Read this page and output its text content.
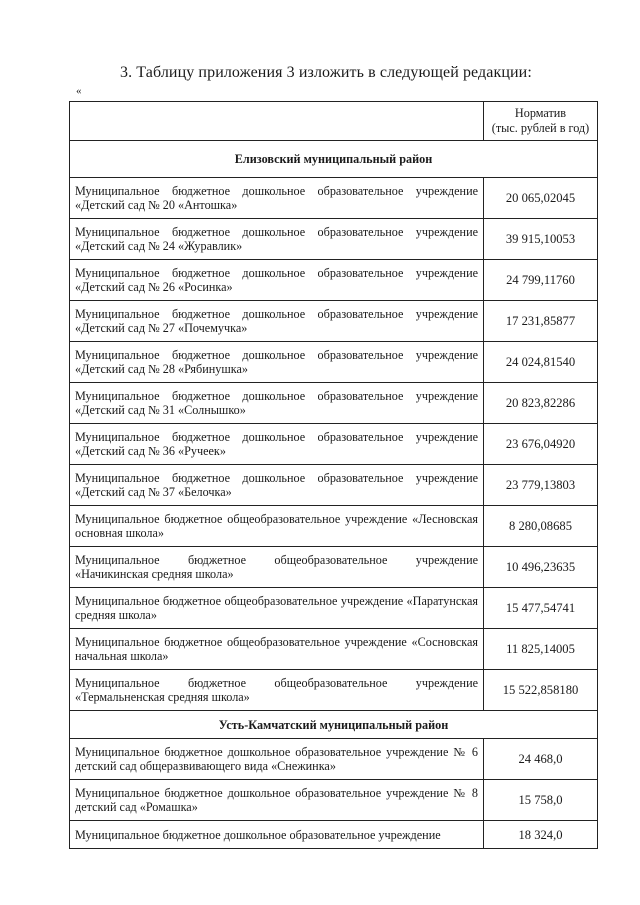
3. Таблицу приложения 3 изложить в следующей редакции:
«
	Норматив
(тыс. рублей в год)
Елизовский муниципальный район	
Муниципальное бюджетное дошкольное образовательное учреждение «Детский сад № 20 «Антошка»	20 065,02045
Муниципальное бюджетное дошкольное образовательное учреждение «Детский сад № 24 «Журавлик»	39 915,10053
Муниципальное бюджетное дошкольное образовательное учреждение «Детский сад № 26 «Росинка»	24 799,11760
Муниципальное бюджетное дошкольное образовательное учреждение «Детский сад № 27 «Почемучка»	17 231,85877
Муниципальное бюджетное дошкольное образовательное учреждение «Детский сад № 28 «Рябинушка»	24 024,81540
Муниципальное бюджетное дошкольное образовательное учреждение «Детский сад № 31 «Солнышко»	20 823,82286
Муниципальное бюджетное дошкольное образовательное учреждение «Детский сад № 36 «Ручеек»	23 676,04920
Муниципальное бюджетное дошкольное образовательное учреждение «Детский сад № 37 «Белочка»	23 779,13803
Муниципальное бюджетное общеобразовательное учреждение «Лесновская основная школа»	8 280,08685
Муниципальное бюджетное общеобразовательное учреждение «Начикинская средняя школа»	10 496,23635
Муниципальное бюджетное общеобразовательное учреждение «Паратунская средняя школа»	15 477,54741
Муниципальное бюджетное общеобразовательное учреждение «Сосновская начальная школа»	11 825,14005
Муниципальное бюджетное общеобразовательное учреждение «Термальненская средняя школа»	15 522,858180
Усть-Камчатский муниципальный район	
Муниципальное бюджетное дошкольное образовательное учреждение № 6 детский сад общеразвивающего вида «Снежинка»	24 468,0
Муниципальное бюджетное дошкольное образовательное учреждение № 8 детский сад «Ромашка»	15 758,0
Муниципальное бюджетное дошкольное образовательное учреждение	18 324,0
